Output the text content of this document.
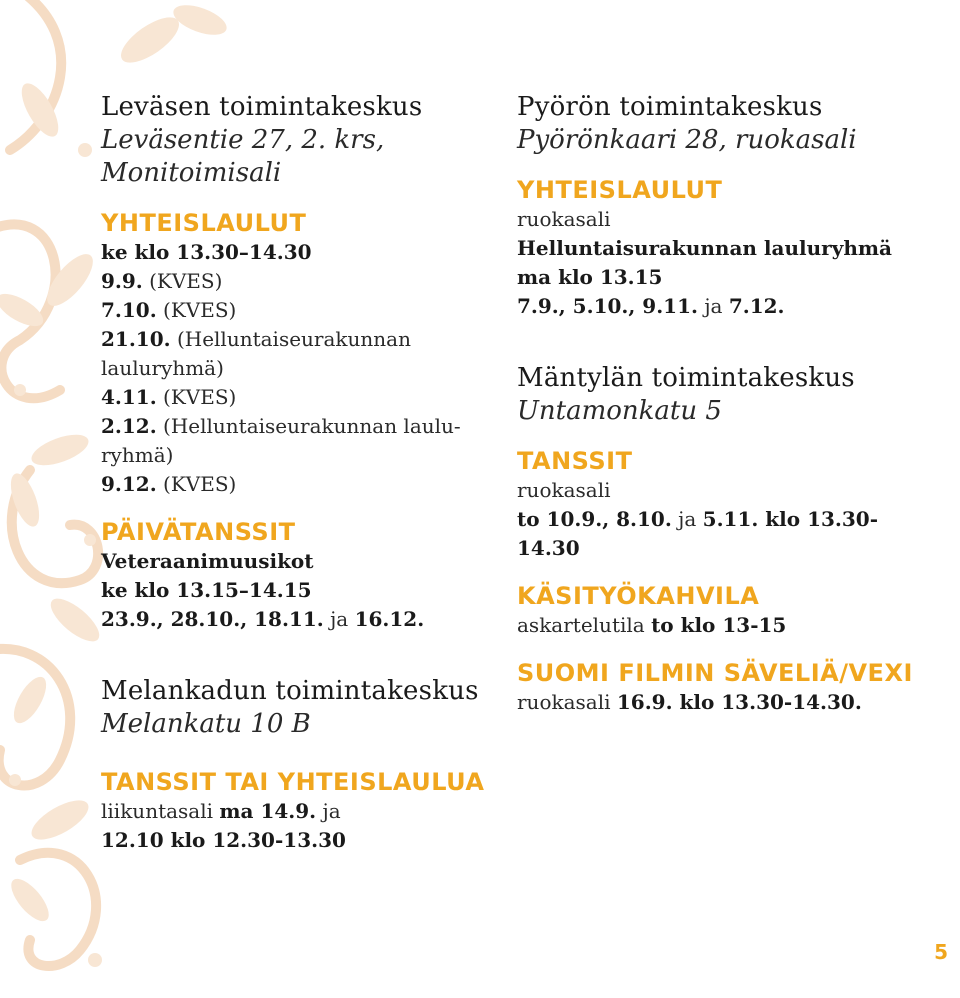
Leväsen toimintakeskus

Leväsentie 27, 2. krs,

Monitoimisali

YHTEISLAULUT

ke klo 13.30–14.30

9.9. (KVES)

7.10. (KVES)

21.10. (Helluntaiseurakunnan

lauluryhmä)

4.11. (KVES)

2.12. (Helluntaiseurakunnan laulu-

ryhmä)

9.12. (KVES)

PÄIVÄTANSSIT

Veteraanimuusikot

ke klo 13.15–14.15

23.9., 28.10., 18.11. ja 16.12.

Melankadun toimintakeskus

Melankatu 10 B

TANSSIT TAI YHTEISLAULUA

liikuntasali ma 14.9. ja

12.10 klo 12.30-13.30

Pyörön toimintakeskus

Pyörönkaari 28, ruokasali

YHTEISLAULUT

ruokasali

Helluntaisurakunnan lauluryhmä

ma klo 13.15

7.9., 5.10., 9.11. ja 7.12.

Mäntylän toimintakeskus

Untamonkatu 5

TANSSIT

ruokasali

to 10.9., 8.10. ja 5.11. klo 13.30-

14.30

KÄSITYÖKAHVILA

askartelutila to klo 13-15

SUOMI FILMIN SÄVELIÄ/VEXI

ruokasali 16.9. klo 13.30-14.30.

5
